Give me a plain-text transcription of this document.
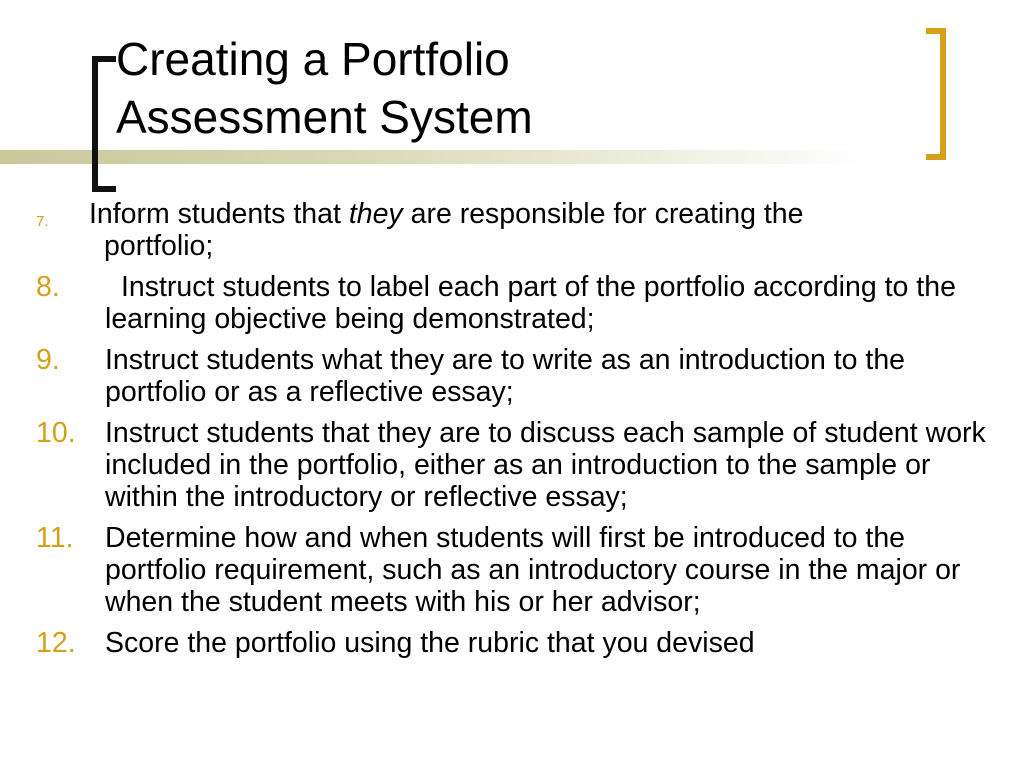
Creating a Portfolio
Assessment System
7. Inform students that they are responsible for creating the
portfolio;
8.	Instruct students to label each part of the portfolio according to the learning objective being demonstrated;
9. Instruct students what they are to write as an introduction to the portfolio or as a reflective essay;
10. Instruct students that they are to discuss each sample of student work included in the portfolio, either as an introduction to the sample or within the introductory or reflective essay;
11. Determine how and when students will first be introduced to the portfolio requirement, such as an introductory course in the major or when the student meets with his or her advisor;
12. Score the portfolio using the rubric that you devised
